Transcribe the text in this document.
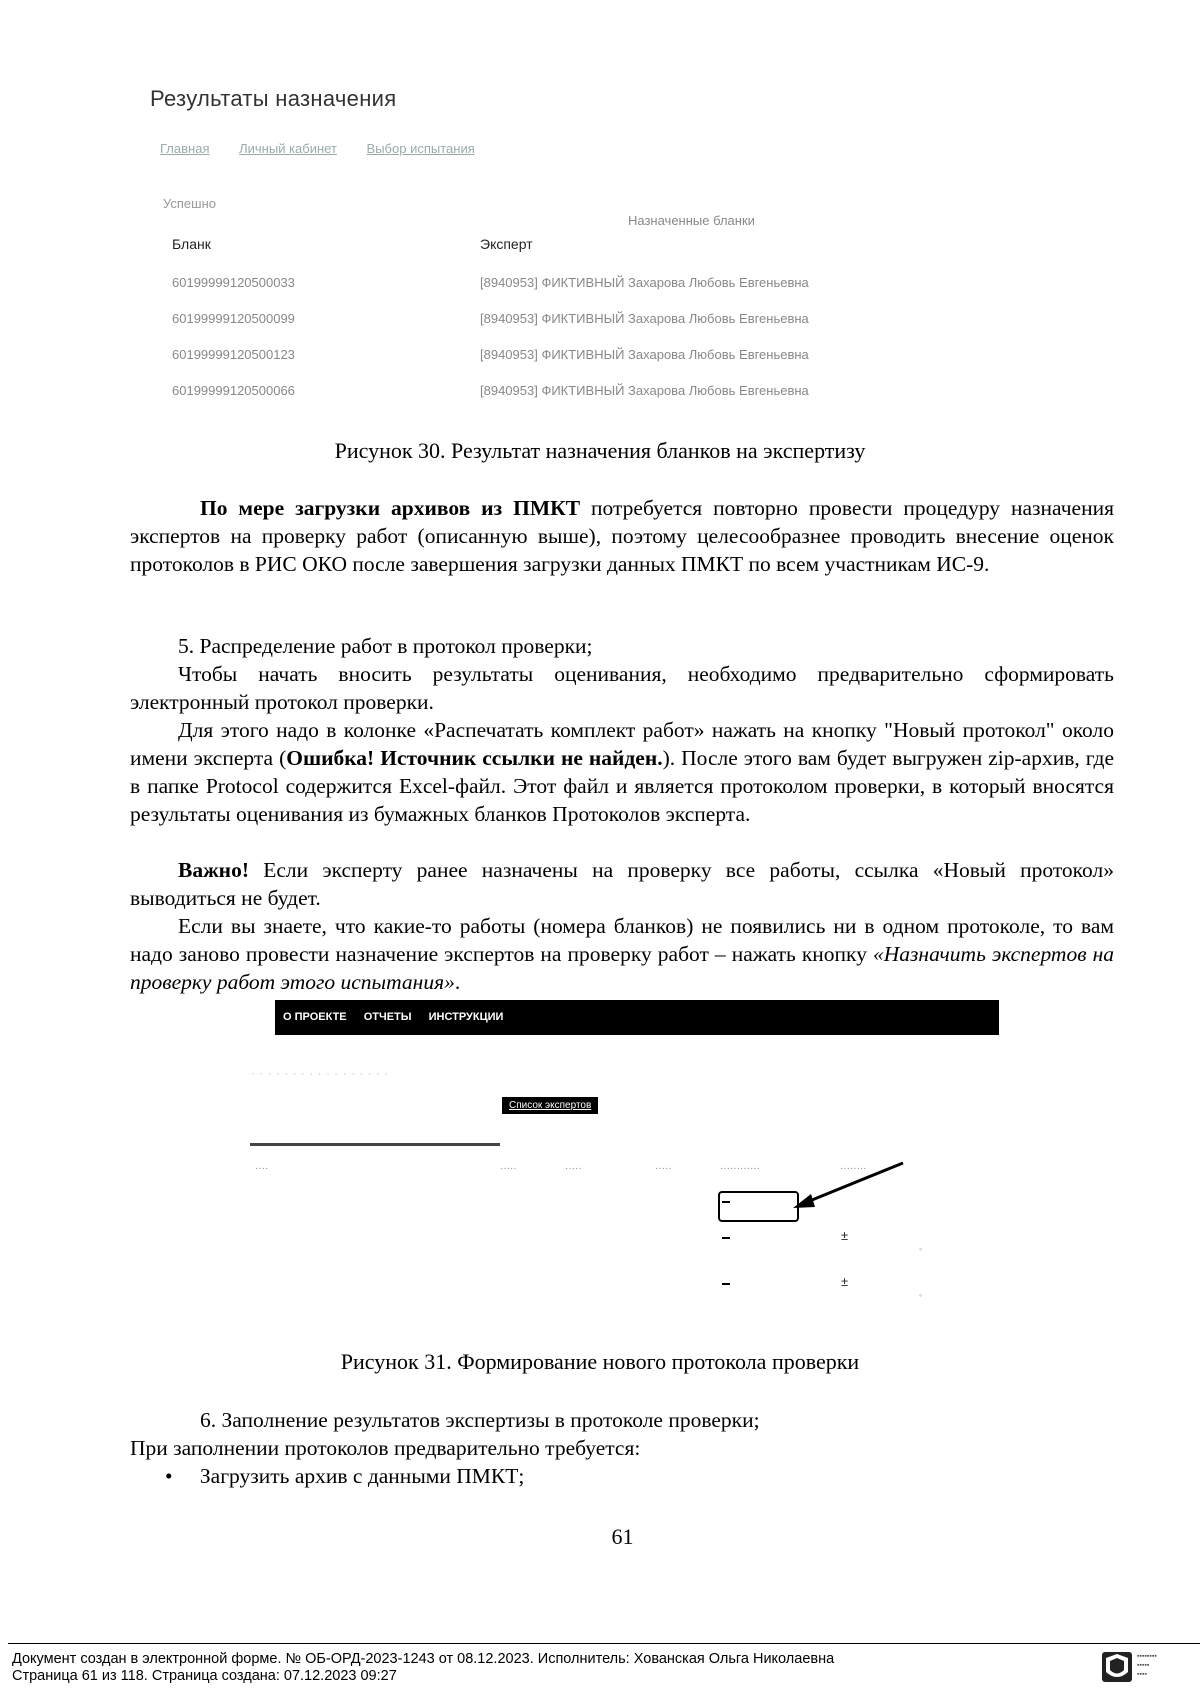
Результаты назначения
Главная Личный кабинет Выбор испытания
Успешно
Назначенные бланки
Бланк	Эксперт
60199999120500033	[8940953] ФИКТИВНЫЙ Захарова Любовь Евгеньевна
60199999120500099	[8940953] ФИКТИВНЫЙ Захарова Любовь Евгеньевна
60199999120500123	[8940953] ФИКТИВНЫЙ Захарова Любовь Евгеньевна
60199999120500066	[8940953] ФИКТИВНЫЙ Захарова Любовь Евгеньевна
Рисунок 30. Результат назначения бланков на экспертизу
По мере загрузки архивов из ПМКТ потребуется повторно провести процедуру назначения экспертов на проверку работ (описанную выше), поэтому целесообразнее проводить внесение оценок протоколов в РИС ОКО после завершения загрузки данных ПМКТ по всем участникам ИС-9.
5. Распределение работ в протокол проверки;
Чтобы начать вносить результаты оценивания, необходимо предварительно сформировать электронный протокол проверки.
Для этого надо в колонке «Распечатать комплект работ» нажать на кнопку "Новый протокол" около имени эксперта (Ошибка! Источник ссылки не найден.). После этого вам будет выгружен zip-архив, где в папке Protocol содержится Excel-файл. Этот файл и является протоколом проверки, в который вносятся результаты оценивания из бумажных бланков Протоколов эксперта.
Важно! Если эксперту ранее назначены на проверку все работы, ссылка «Новый протокол» выводиться не будет.
Если вы знаете, что какие-то работы (номера бланков) не появились ни в одном протоколе, то вам надо заново провести назначение экспертов на проверку работ – нажать кнопку «Назначить экспертов на проверку работ этого испытания».
О ПРОЕКТЕ ОТЧЕТЫ ИНСТРУКЦИИ
· · · · · · · · · · · · · · · · ·
Список экспертов
····	·····	·····	·····	············	········
±
±
◦
◦
Рисунок 31. Формирование нового протокола проверки
6. Заполнение результатов экспертизы в протоколе проверки;
При заполнении протоколов предварительно требуется:
• Загрузить архив с данными ПМКТ;
61
Документ создан в электронной форме. № ОБ-ОРД-2023-1243 от 08.12.2023. Исполнитель: Хованская Ольга Николаевна
Страница 61 из 118. Страница создана: 07.12.2023 09:27
▪▪▪▪▪▪▪▪
▪▪▪▪▪
▪▪▪▪
